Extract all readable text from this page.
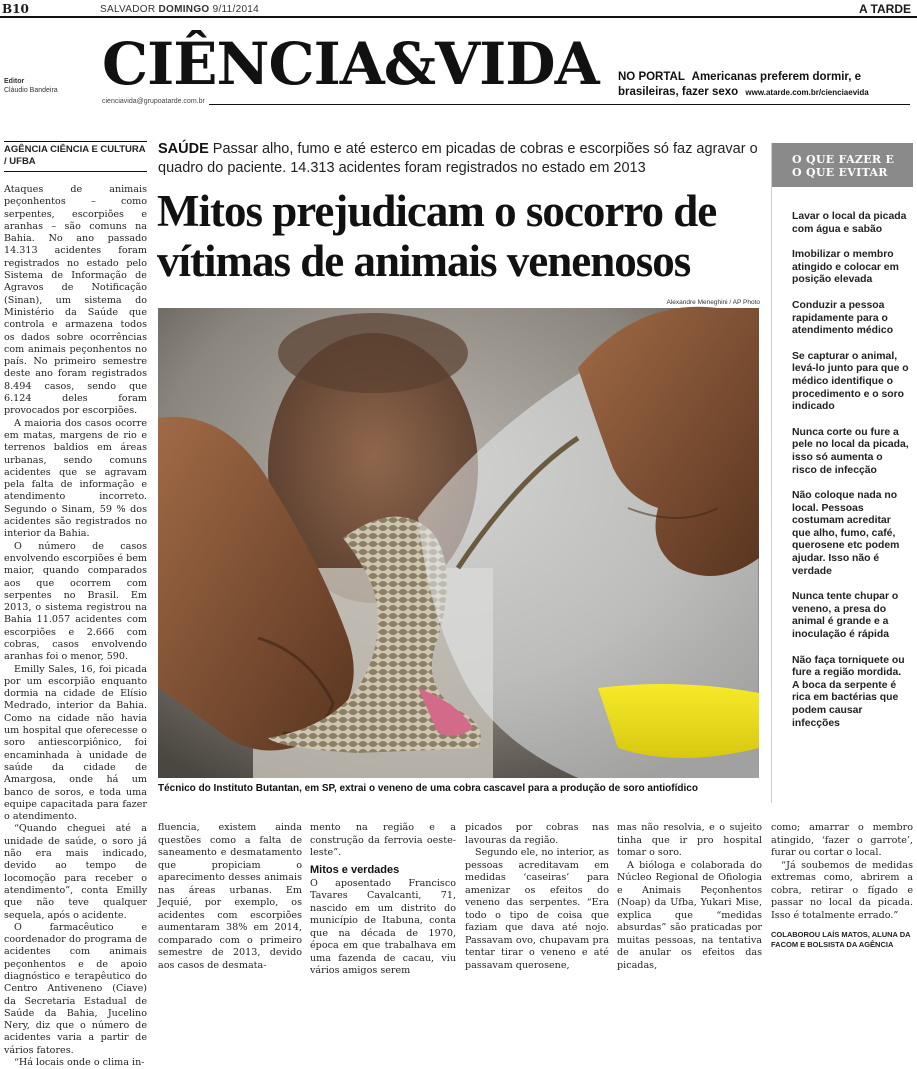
B10	SALVADOR DOMINGO 9/11/2014	A TARDE
Editor
Cláudio Bandeira CIÊNCIA&VIDA NO PORTAL Americanas preferem dormir, e brasileiras, fazer sexo www.atarde.com.br/cienciaevida
cienciavida@grupoatarde.com.br
AGÊNCIA CIÊNCIA E CULTURA / UFBA

Ataques de animais peçonhentos – como serpentes, escorpiões e aranhas – são comuns na Bahia. No ano passado 14.313 acidentes foram registrados no estado pelo Sistema de Informação de Agravos de Notificação (Sinan), um sistema do Ministério da Saúde que controla e armazena todos os dados sobre ocorrências com animais peçonhentos no país. No primeiro semestre deste ano foram registrados 8.494 casos, sendo que 6.124 deles foram provocados por escorpiões.

A maioria dos casos ocorre em matas, margens de rio e terrenos baldios em áreas urbanas, sendo comuns acidentes que se agravam pela falta de informação e atendimento incorreto. Segundo o Sinam, 59 % dos acidentes são registrados no interior da Bahia.

O número de casos envolvendo escorpiões é bem maior, quando comparados aos que ocorrem com serpentes no Brasil. Em 2013, o sistema registrou na Bahia 11.057 acidentes com escorpiões e 2.666 com cobras, casos envolvendo aranhas foi o menor, 590.

Emilly Sales, 16, foi picada por um escorpião enquanto dormia na cidade de Elísio Medrado, interior da Bahia. Como na cidade não havia um hospital que oferecesse o soro antiescorpiônico, foi encaminhada à unidade de saúde da cidade de Amargosa, onde há um banco de soros, e toda uma equipe capacitada para fazer o atendimento.

“Quando cheguei até a unidade de saúde, o soro já não era mais indicado, devido ao tempo de locomoção para receber o atendimento”, conta Emilly que não teve qualquer sequela, após o acidente.

O farmacêutico e coordenador do programa de acidentes com animais peçonhentos e de apoio diagnóstico e terapêutico do Centro Antiveneno (Ciave) da Secretaria Estadual de Saúde da Bahia, Jucelino Nery, diz que o número de acidentes varia a partir de vários fatores.

“Há locais onde o clima in-

SAÚDE Passar alho, fumo e até esterco em picadas de cobras e escorpiões só faz agravar o quadro do paciente. 14.313 acidentes foram registrados no estado em 2013
Mitos prejudicam o socorro de vítimas de animais venenosos
Alexandre Meneghini / AP Photo
Técnico do Instituto Butantan, em SP, extrai o veneno de uma cobra cascavel para a produção de soro antiofídico

fluencia, existem ainda questões como a falta de saneamento e desmatamento que propiciam o aparecimento desses animais nas áreas urbanas. Em Jequié, por exemplo, os acidentes com escorpiões aumentaram 38% em 2014, comparado com o primeiro semestre de 2013, devido aos casos de desmata-

mento na região e a construção da ferrovia oeste-leste”.

Mitos e verdades

O aposentado Francisco Tavares Cavalcanti, 71, nascido em um distrito do município de Itabuna, conta que na década de 1970, época em que trabalhava em uma fazenda de cacau, viu vários amigos serem

picados por cobras nas lavouras da região.

Segundo ele, no interior, as pessoas acreditavam em medidas ‘caseiras’ para amenizar os efeitos do veneno das serpentes. “Era todo o tipo de coisa que faziam que dava até nojo. Passavam ovo, chupavam pra tentar tirar o veneno e até passavam querosene,

mas não resolvia, e o sujeito tinha que ir pro hospital tomar o soro.

A bióloga e colaborada do Núcleo Regional de Ofiologia e Animais Peçonhentos (Noap) da Ufba, Yukari Mise, explica que “medidas absurdas” são praticadas por muitas pessoas, na tentativa de anular os efeitos das picadas,

como; amarrar o membro atingido, ‘fazer o garrote’, furar ou cortar o local.

“Já soubemos de medidas extremas como, abrirem a cobra, retirar o fígado e passar no local da picada. Isso é totalmente errado.”

COLABOROU LAÍS MATOS, ALUNA DA FACOM E BOLSISTA DA AGÊNCIA

O QUE FAZER E O QUE EVITAR
Lavar o local da picada com água e sabão
Imobilizar o membro atingido e colocar em posição elevada
Conduzir a pessoa rapidamente para o atendimento médico
Se capturar o animal, levá-lo junto para que o médico identifique o procedimento e o soro indicado
Nunca corte ou fure a pele no local da picada, isso só aumenta o risco de infecção
Não coloque nada no local. Pessoas costumam acreditar que alho, fumo, café, querosene etc podem ajudar. Isso não é verdade
Nunca tente chupar o veneno, a presa do animal é grande e a inoculação é rápida
Não faça torniquete ou fure a região mordida. A boca da serpente é rica em bactérias que podem causar infecções
